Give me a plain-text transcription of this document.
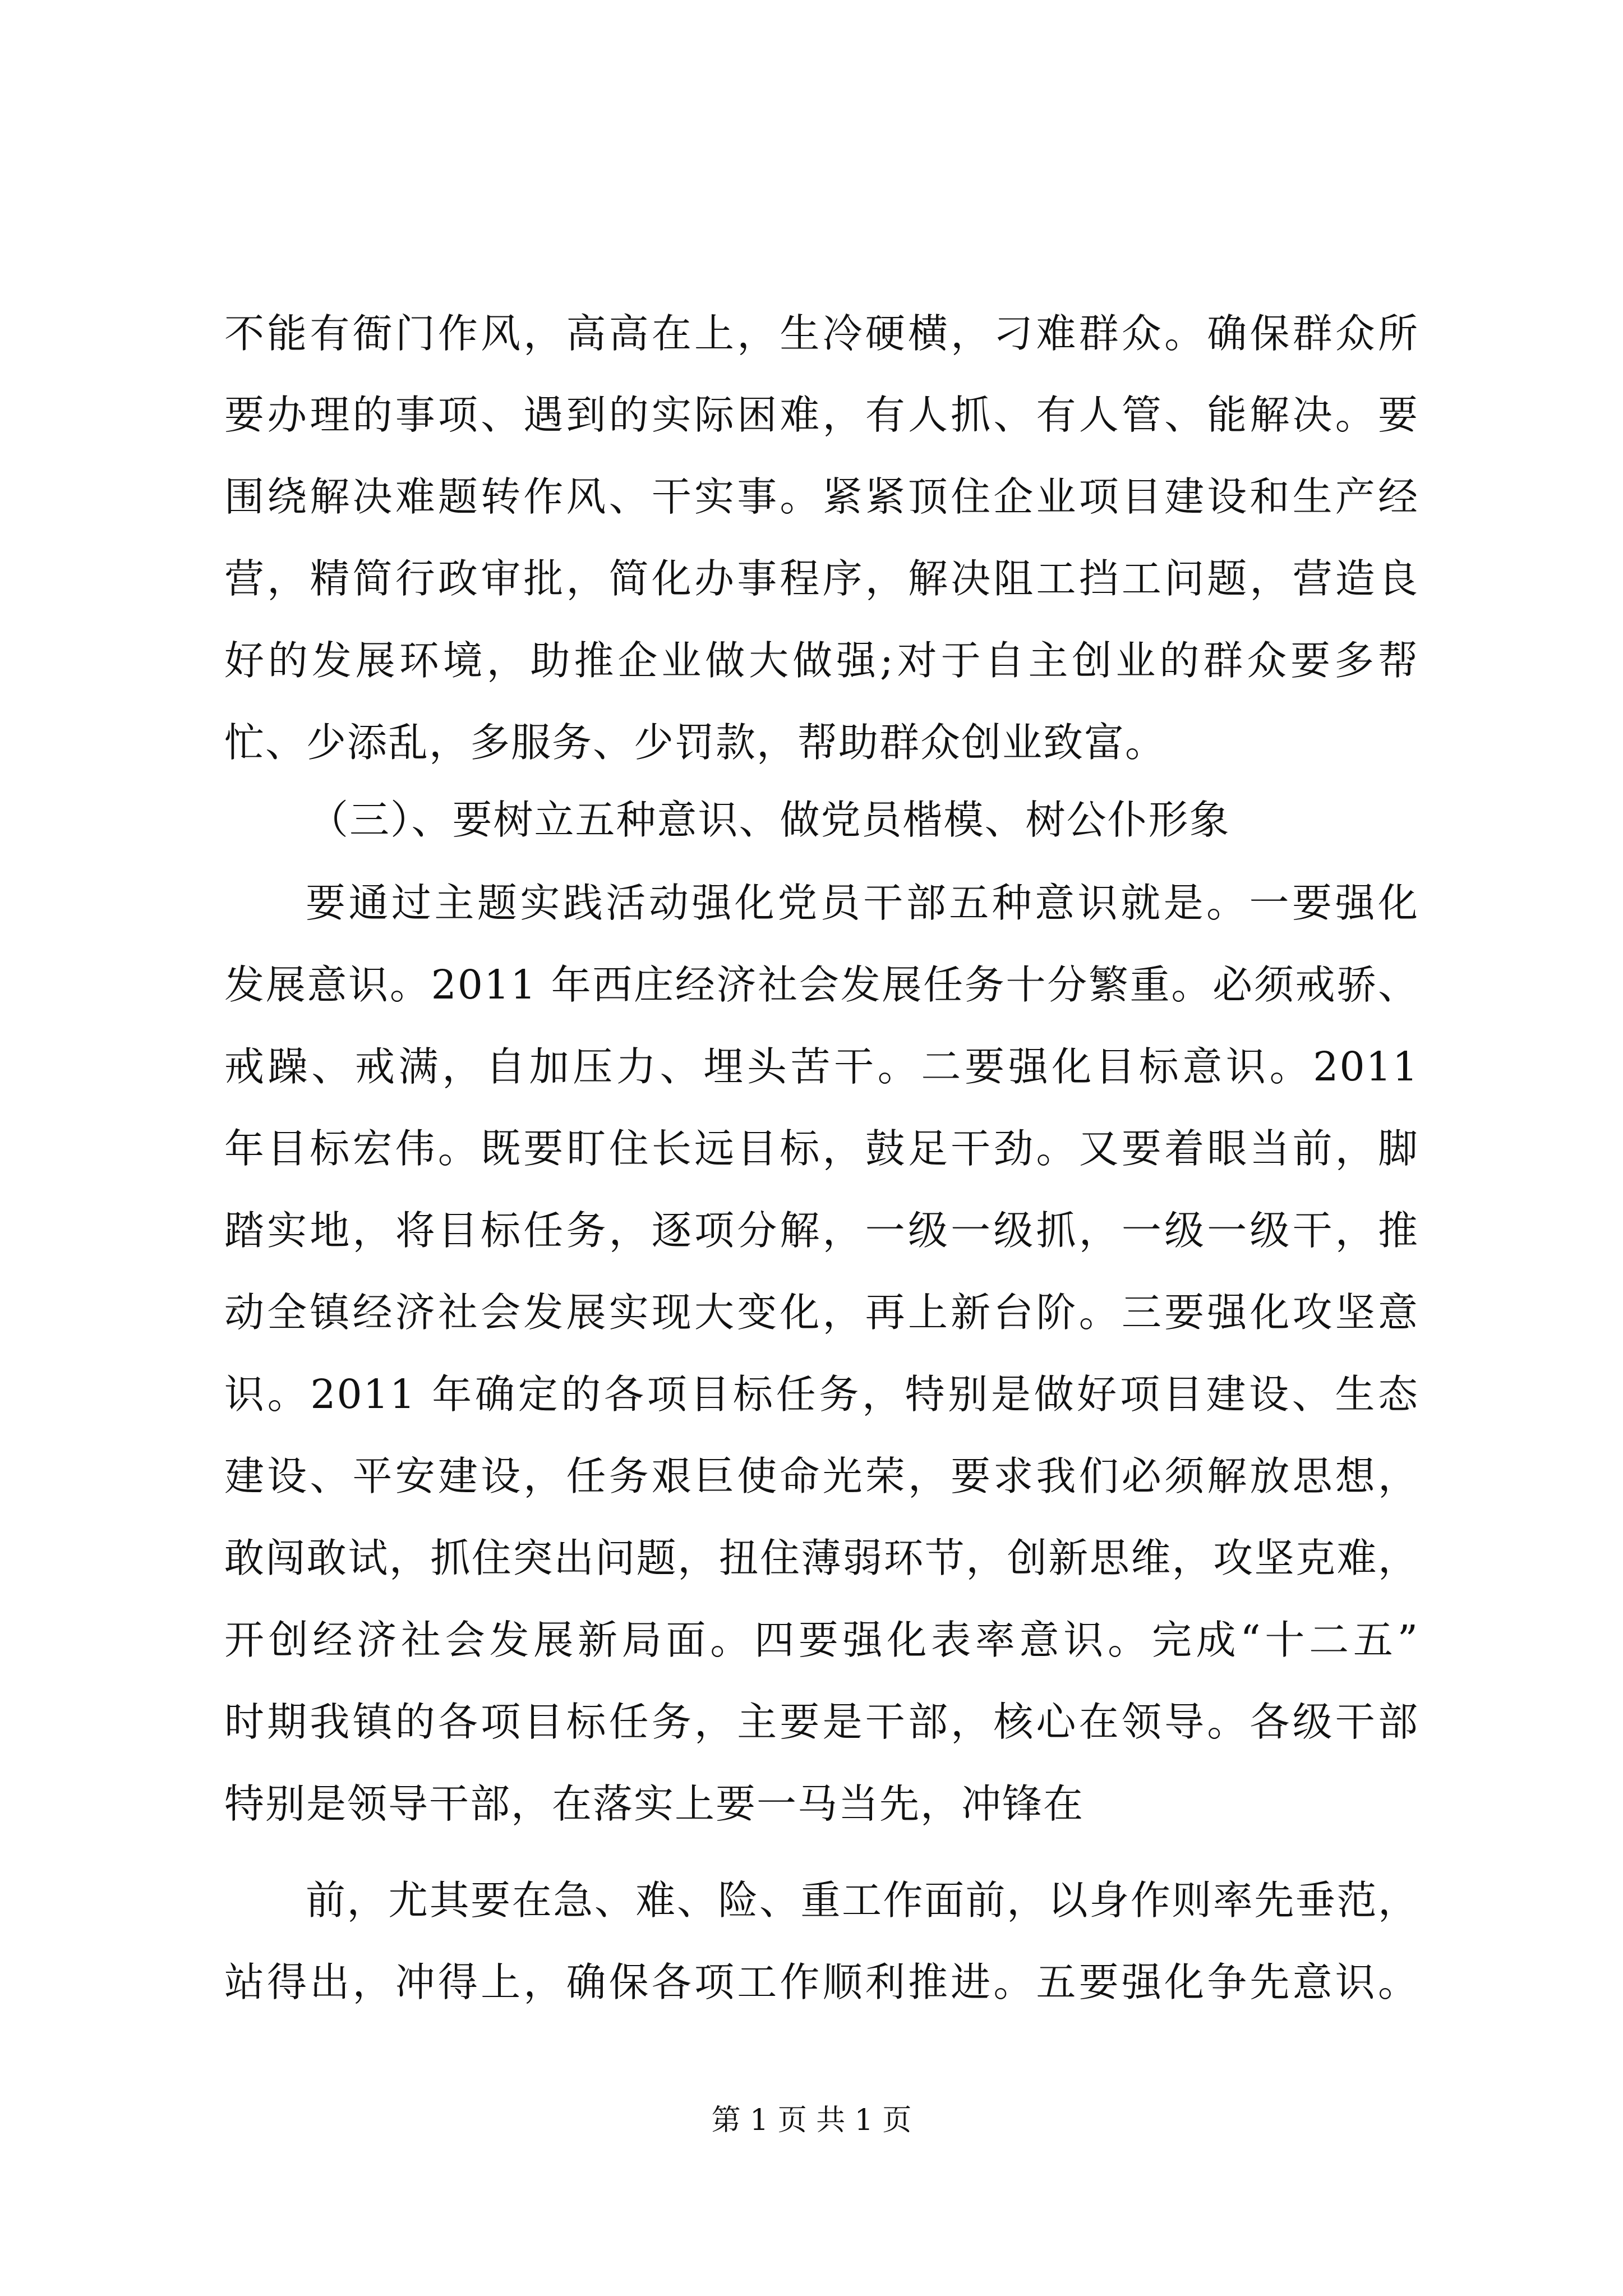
不能有衙门作风，高高在上，生冷硬横，刁难群众。确保群众所
要办理的事项、遇到的实际困难，有人抓、有人管、能解决。要
围绕解决难题转作风、干实事。紧紧顶住企业项目建设和生产经
营，精简行政审批，简化办事程序，解决阻工挡工问题，营造良
好的发展环境，助推企业做大做强;对于自主创业的群众要多帮
忙、少添乱，多服务、少罚款，帮助群众创业致富。
（三）、要树立五种意识、做党员楷模、树公仆形象
要通过主题实践活动强化党员干部五种意识就是。一要强化
发展意识。2011 年西庄经济社会发展任务十分繁重。必须戒骄、
戒躁、戒满，自加压力、埋头苦干。二要强化目标意识。2011
年目标宏伟。既要盯住长远目标，鼓足干劲。又要着眼当前，脚
踏实地，将目标任务，逐项分解，一级一级抓，一级一级干，推
动全镇经济社会发展实现大变化，再上新台阶。三要强化攻坚意
识。2011 年确定的各项目标任务，特别是做好项目建设、生态
建设、平安建设，任务艰巨使命光荣，要求我们必须解放思想，
敢闯敢试，抓住突出问题，扭住薄弱环节，创新思维，攻坚克难，
开创经济社会发展新局面。四要强化表率意识。完成“十二五”
时期我镇的各项目标任务，主要是干部，核心在领导。各级干部
特别是领导干部，在落实上要一马当先，冲锋在
前，尤其要在急、难、险、重工作面前，以身作则率先垂范，
站得出，冲得上，确保各项工作顺利推进。五要强化争先意识。
第 1 页 共 1 页
